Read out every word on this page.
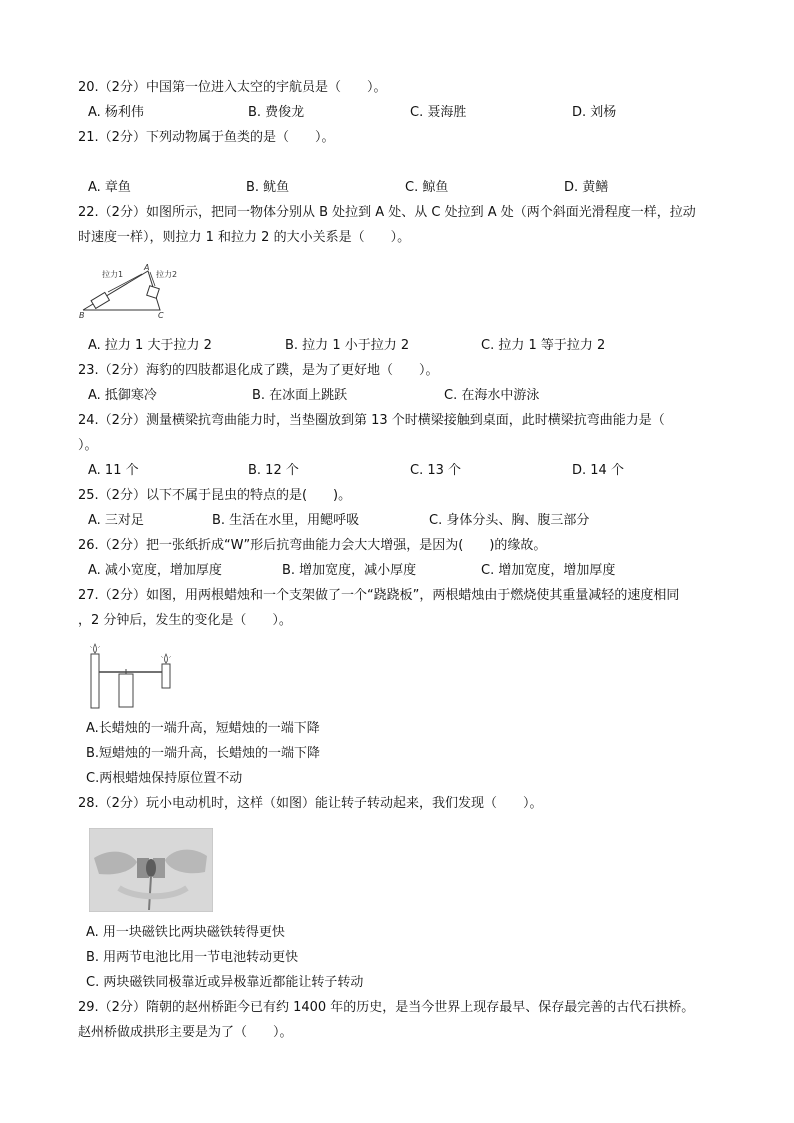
20.（2分）中国第一位进入太空的宇航员是（　　）。
A. 杨利伟	B. 费俊龙	C. 聂海胜	D. 刘杨
21.（2分）下列动物属于鱼类的是（　　）。
A. 章鱼	B. 鱿鱼	C. 鲸鱼	D. 黄鳝
22.（2分）如图所示，把同一物体分别从 B 处拉到 A 处、从 C 处拉到 A 处（两个斜面光滑程度一样，拉动
时速度一样），则拉力 1 和拉力 2 的大小关系是（　　）。
拉力1	拉力2
A
B	C
A. 拉力 1 大于拉力 2	B. 拉力 1 小于拉力 2	C. 拉力 1 等于拉力 2
23.（2分）海豹的四肢都退化成了蹼，是为了更好地（　　）。
A. 抵御寒冷	B. 在冰面上跳跃	C. 在海水中游泳
24.（2分）测量横梁抗弯曲能力时，当垫圈放到第 13 个时横梁接触到桌面，此时横梁抗弯曲能力是（
）。
A. 11 个	B. 12 个	C. 13 个	D. 14 个
25.（2分）以下不属于昆虫的特点的是(　　)。
A. 三对足	B. 生活在水里，用鳃呼吸	C. 身体分头、胸、腹三部分
26.（2分）把一张纸折成“W”形后抗弯曲能力会大大增强，是因为(　　)的缘故。
A. 减小宽度，增加厚度	B. 增加宽度，减小厚度	C. 增加宽度，增加厚度
27.（2分）如图，用两根蜡烛和一个支架做了一个“跷跷板”，两根蜡烛由于燃烧使其重量减轻的速度相同
，2 分钟后，发生的变化是（　　）。
A.长蜡烛的一端升高，短蜡烛的一端下降
B.短蜡烛的一端升高，长蜡烛的一端下降
C.两根蜡烛保持原位置不动
28.（2分）玩小电动机时，这样（如图）能让转子转动起来，我们发现（　　）。
A. 用一块磁铁比两块磁铁转得更快
B. 用两节电池比用一节电池转动更快
C. 两块磁铁同极靠近或异极靠近都能让转子转动
29.（2分）隋朝的赵州桥距今已有约 1400 年的历史，是当今世界上现存最早、保存最完善的古代石拱桥。
赵州桥做成拱形主要是为了（　　）。
